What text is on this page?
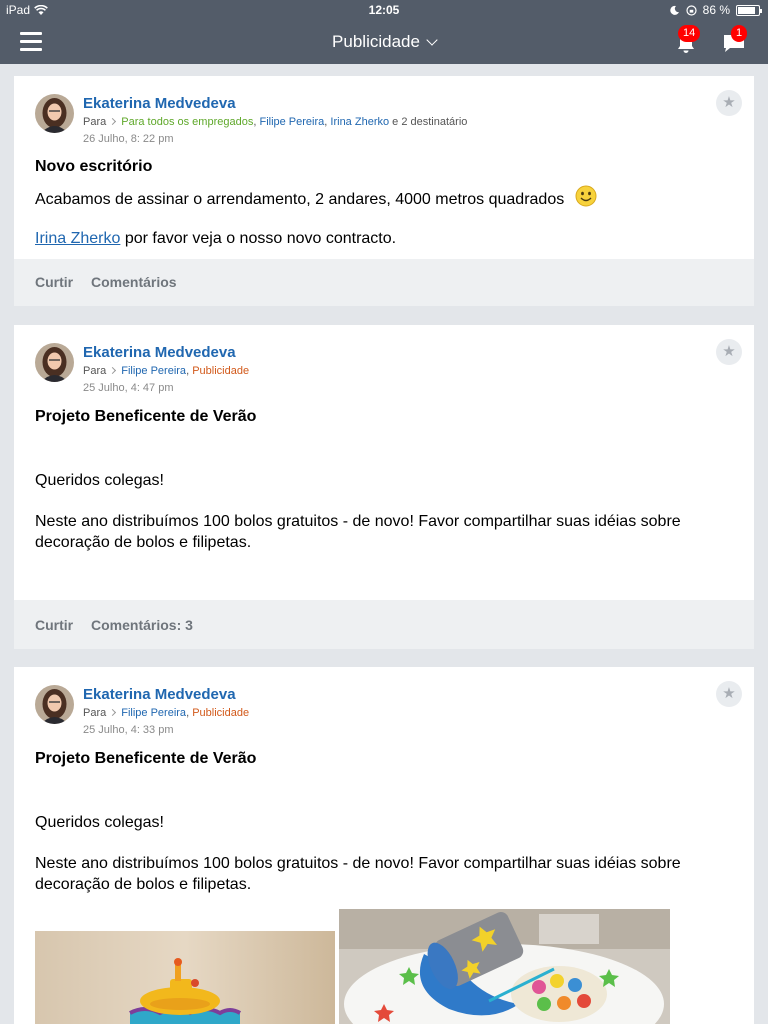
iPad	12:05	86 %
Publicidade	14	1
Ekaterina Medvedeva
Para Para todos os empregados, Filipe Pereira, Irina Zherko e 2 destinatário
26 Julho, 8: 22 pm
★
Novo escritório
Acabamos de assinar o arrendamento, 2 andares, 4000 metros quadrados
Irina Zherko por favor veja o nosso novo contracto.
Curtir Comentários
Ekaterina Medvedeva
Para Filipe Pereira, Publicidade
25 Julho, 4: 47 pm
★
Projeto Beneficente de Verão
Queridos colegas!
Neste ano distribuímos 100 bolos gratuitos - de novo! Favor compartilhar suas idéias sobre decoração de bolos e filipetas.
Curtir Comentários: 3
Ekaterina Medvedeva
Para Filipe Pereira, Publicidade
25 Julho, 4: 33 pm
★
Projeto Beneficente de Verão
Queridos colegas!
Neste ano distribuímos 100 bolos gratuitos - de novo! Favor compartilhar suas idéias sobre decoração de bolos e filipetas.
